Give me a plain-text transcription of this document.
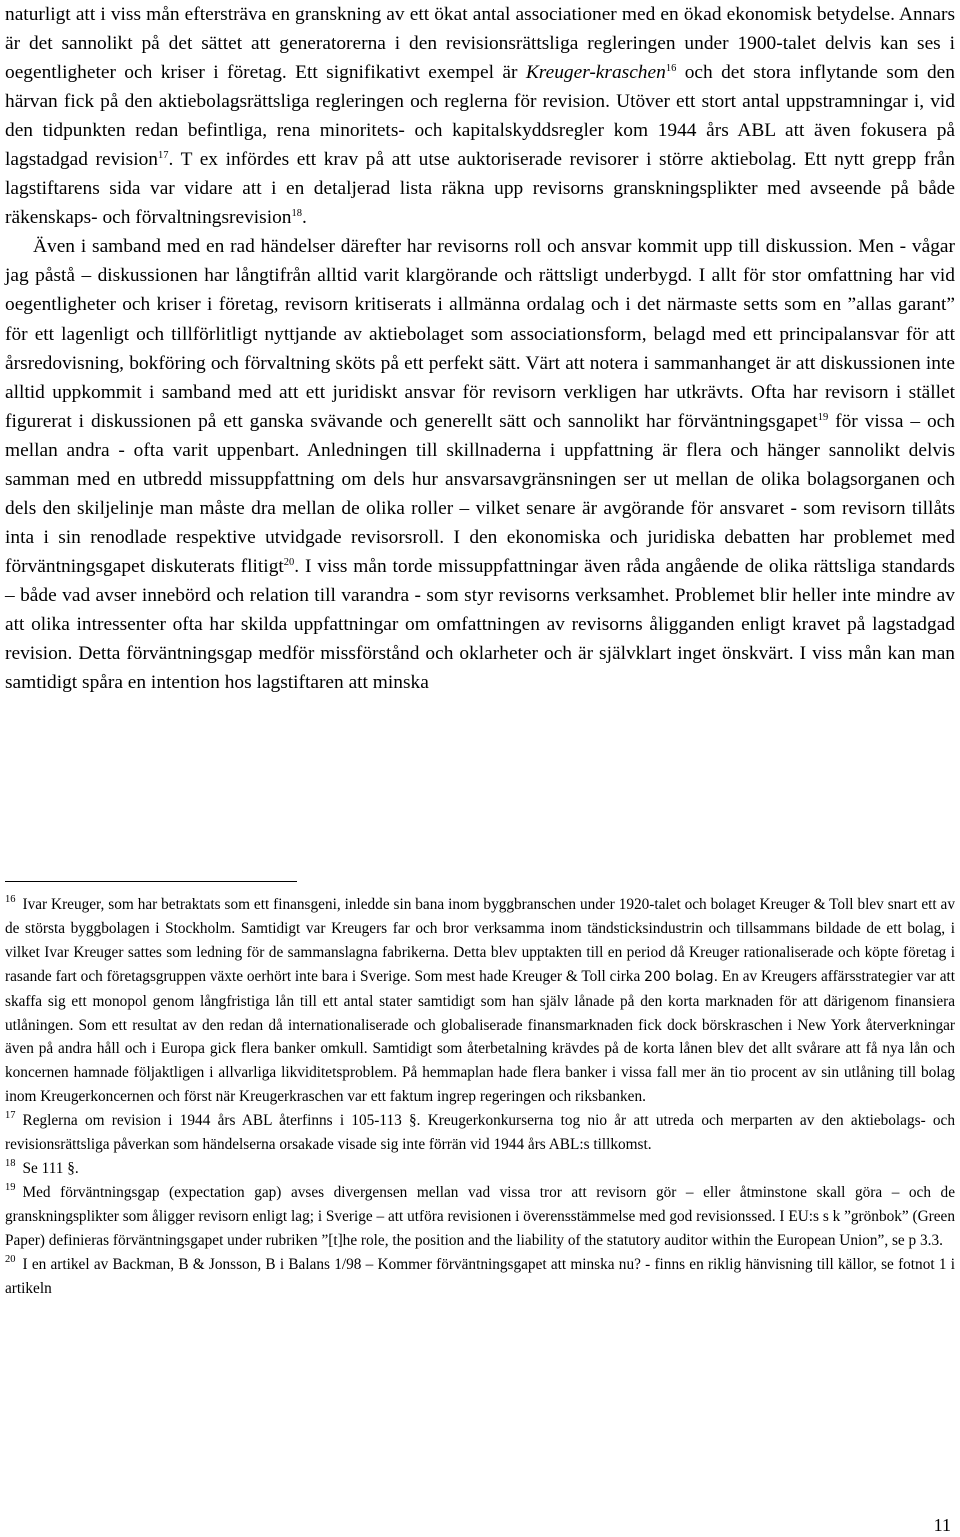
naturligt att i viss mån eftersträva en granskning av ett ökat antal associationer med en ökad ekonomisk betydelse. Annars är det sannolikt på det sättet att generatorerna i den revisionsrättsliga regleringen under 1900-talet delvis kan ses i oegentligheter och kriser i företag. Ett signifikativt exempel är Kreuger-kraschen$^{16}$ och det stora inflytande som den härvan fick på den aktiebolagsrättsliga regleringen och reglerna för revision. Utöver ett stort antal uppstramningar i, vid den tidpunkten redan befintliga, rena minoritets- och kapitalskyddsregler kom 1944 års ABL att även fokusera på lagstadgad revision$^{17}$. T ex infördes ett krav på att utse auktoriserade revisorer i större aktiebolag. Ett nytt grepp från lagstiftarens sida var vidare att i en detaljerad lista räkna upp revisorns granskningsplikter med avseende på både räkenskaps- och förvaltningsrevision$^{18}$.

Även i samband med en rad händelser därefter har revisorns roll och ansvar kommit upp till diskussion. Men - vågar jag påstå – diskussionen har långtifrån alltid varit klargörande och rättsligt underbygd. I allt för stor omfattning har vid oegentligheter och kriser i företag, revisorn kritiserats i allmänna ordalag och i det närmaste setts som en ”allas garant” för ett lagenligt och tillförlitligt nyttjande av aktiebolaget som associationsform, belagd med ett principalansvar för att årsredovisning, bokföring och förvaltning sköts på ett perfekt sätt. Värt att notera i sammanhanget är att diskussionen inte alltid uppkommit i samband med att ett juridiskt ansvar för revisorn verkligen har utkrävts. Ofta har revisorn i stället figurerat i diskussionen på ett ganska svävande och generellt sätt och sannolikt har förväntningsgapet$^{19}$ för vissa – och mellan andra - ofta varit uppenbart. Anledningen till skillnaderna i uppfattning är flera och hänger sannolikt delvis samman med en utbredd missuppfattning om dels hur ansvarsavgränsningen ser ut mellan de olika bolagsorganen och dels den skiljelinje man måste dra mellan de olika roller – vilket senare är avgörande för ansvaret - som revisorn tillåts inta i sin renodlade respektive utvidgade revisorsroll. I den ekonomiska och juridiska debatten har problemet med förväntningsgapet diskuterats flitigt$^{20}$. I viss mån torde missuppfattningar även råda angående de olika rättsliga standards – både vad avser innebörd och relation till varandra - som styr revisorns verksamhet. Problemet blir heller inte mindre av att olika intressenter ofta har skilda uppfattningar om omfattningen av revisorns åligganden enligt kravet på lagstadgad revision. Detta förväntningsgap medför missförstånd och oklarheter och är självklart inget önskvärt. I viss mån kan man samtidigt spåra en intention hos lagstiftaren att minska

$^{16}$ Ivar Kreuger, som har betraktats som ett finansgeni, inledde sin bana inom byggbranschen under 1920-talet och bolaget Kreuger & Toll blev snart ett av de största byggbolagen i Stockholm. Samtidigt var Kreugers far och bror verksamma inom tändsticksindustrin och tillsammans bildade de ett bolag, i vilket Ivar Kreuger sattes som ledning för de sammanslagna fabrikerna. Detta blev upptakten till en period då Kreuger rationaliserade och köpte företag i rasande fart och företagsgruppen växte oerhört inte bara i Sverige. Som mest hade Kreuger & Toll cirka 200 bolag. En av Kreugers affärsstrategier var att skaffa sig ett monopol genom långfristiga lån till ett antal stater samtidigt som han själv lånade på den korta marknaden för att därigenom finansiera utlåningen. Som ett resultat av den redan då internationaliserade och globaliserade finansmarknaden fick dock börskraschen i New York återverkningar även på andra håll och i Europa gick flera banker omkull. Samtidigt som återbetalning krävdes på de korta lånen blev det allt svårare att få nya lån och koncernen hamnade följaktligen i allvarliga likviditetsproblem. På hemmaplan hade flera banker i vissa fall mer än tio procent av sin utlåning till bolag inom Kreugerkoncernen och först när Kreugerkraschen var ett faktum ingrep regeringen och riksbanken.

$^{17}$ Reglerna om revision i 1944 års ABL återfinns i 105-113 §. Kreugerkonkurserna tog nio år att utreda och merparten av den aktiebolags- och revisionsrättsliga påverkan som händelserna orsakade visade sig inte förrän vid 1944 års ABL:s tillkomst.

$^{18}$ Se 111 §.

$^{19}$ Med förväntningsgap (expectation gap) avses divergensen mellan vad vissa tror att revisorn gör – eller åtminstone skall göra – och de granskningsplikter som åligger revisorn enligt lag; i Sverige – att utföra revisionen i överensstämmelse med god revisionssed. I EU:s s k ”grönbok” (Green Paper) definieras förväntningsgapet under rubriken ”[t]he role, the position and the liability of the statutory auditor within the European Union”, se p 3.3.

$^{20}$ I en artikel av Backman, B & Jonsson, B i Balans 1/98 – Kommer förväntningsgapet att minska nu? - finns en riklig hänvisning till källor, se fotnot 1 i artikeln

11
